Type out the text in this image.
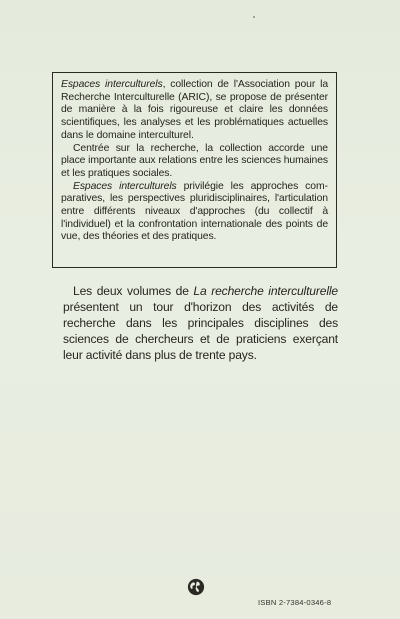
Espaces interculturels, collection de l'Association pour la Recherche Interculturelle (ARIC), se propose de présenter de manière à la fois rigoureuse et claire les données scientifiques, les analyses et les problématiques actuelles dans le domaine interculturel.

Centrée sur la recherche, la collection accorde une place importante aux relations entre les sciences humaines et les pratiques sociales.

Espaces interculturels privilégie les approches comparatives, les perspectives pluridisciplinaires, l'articulation entre différents niveaux d'approches (du collectif à l'individuel) et la confrontation internationale des points de vue, des théories et des pratiques.

Les deux volumes de La recherche interculturelle présentent un tour d'horizon des activités de recherche dans les principales disciplines des sciences de chercheurs et de praticiens exerçant leur activité dans plus de trente pays.

ISBN 2-7384-0346-8
